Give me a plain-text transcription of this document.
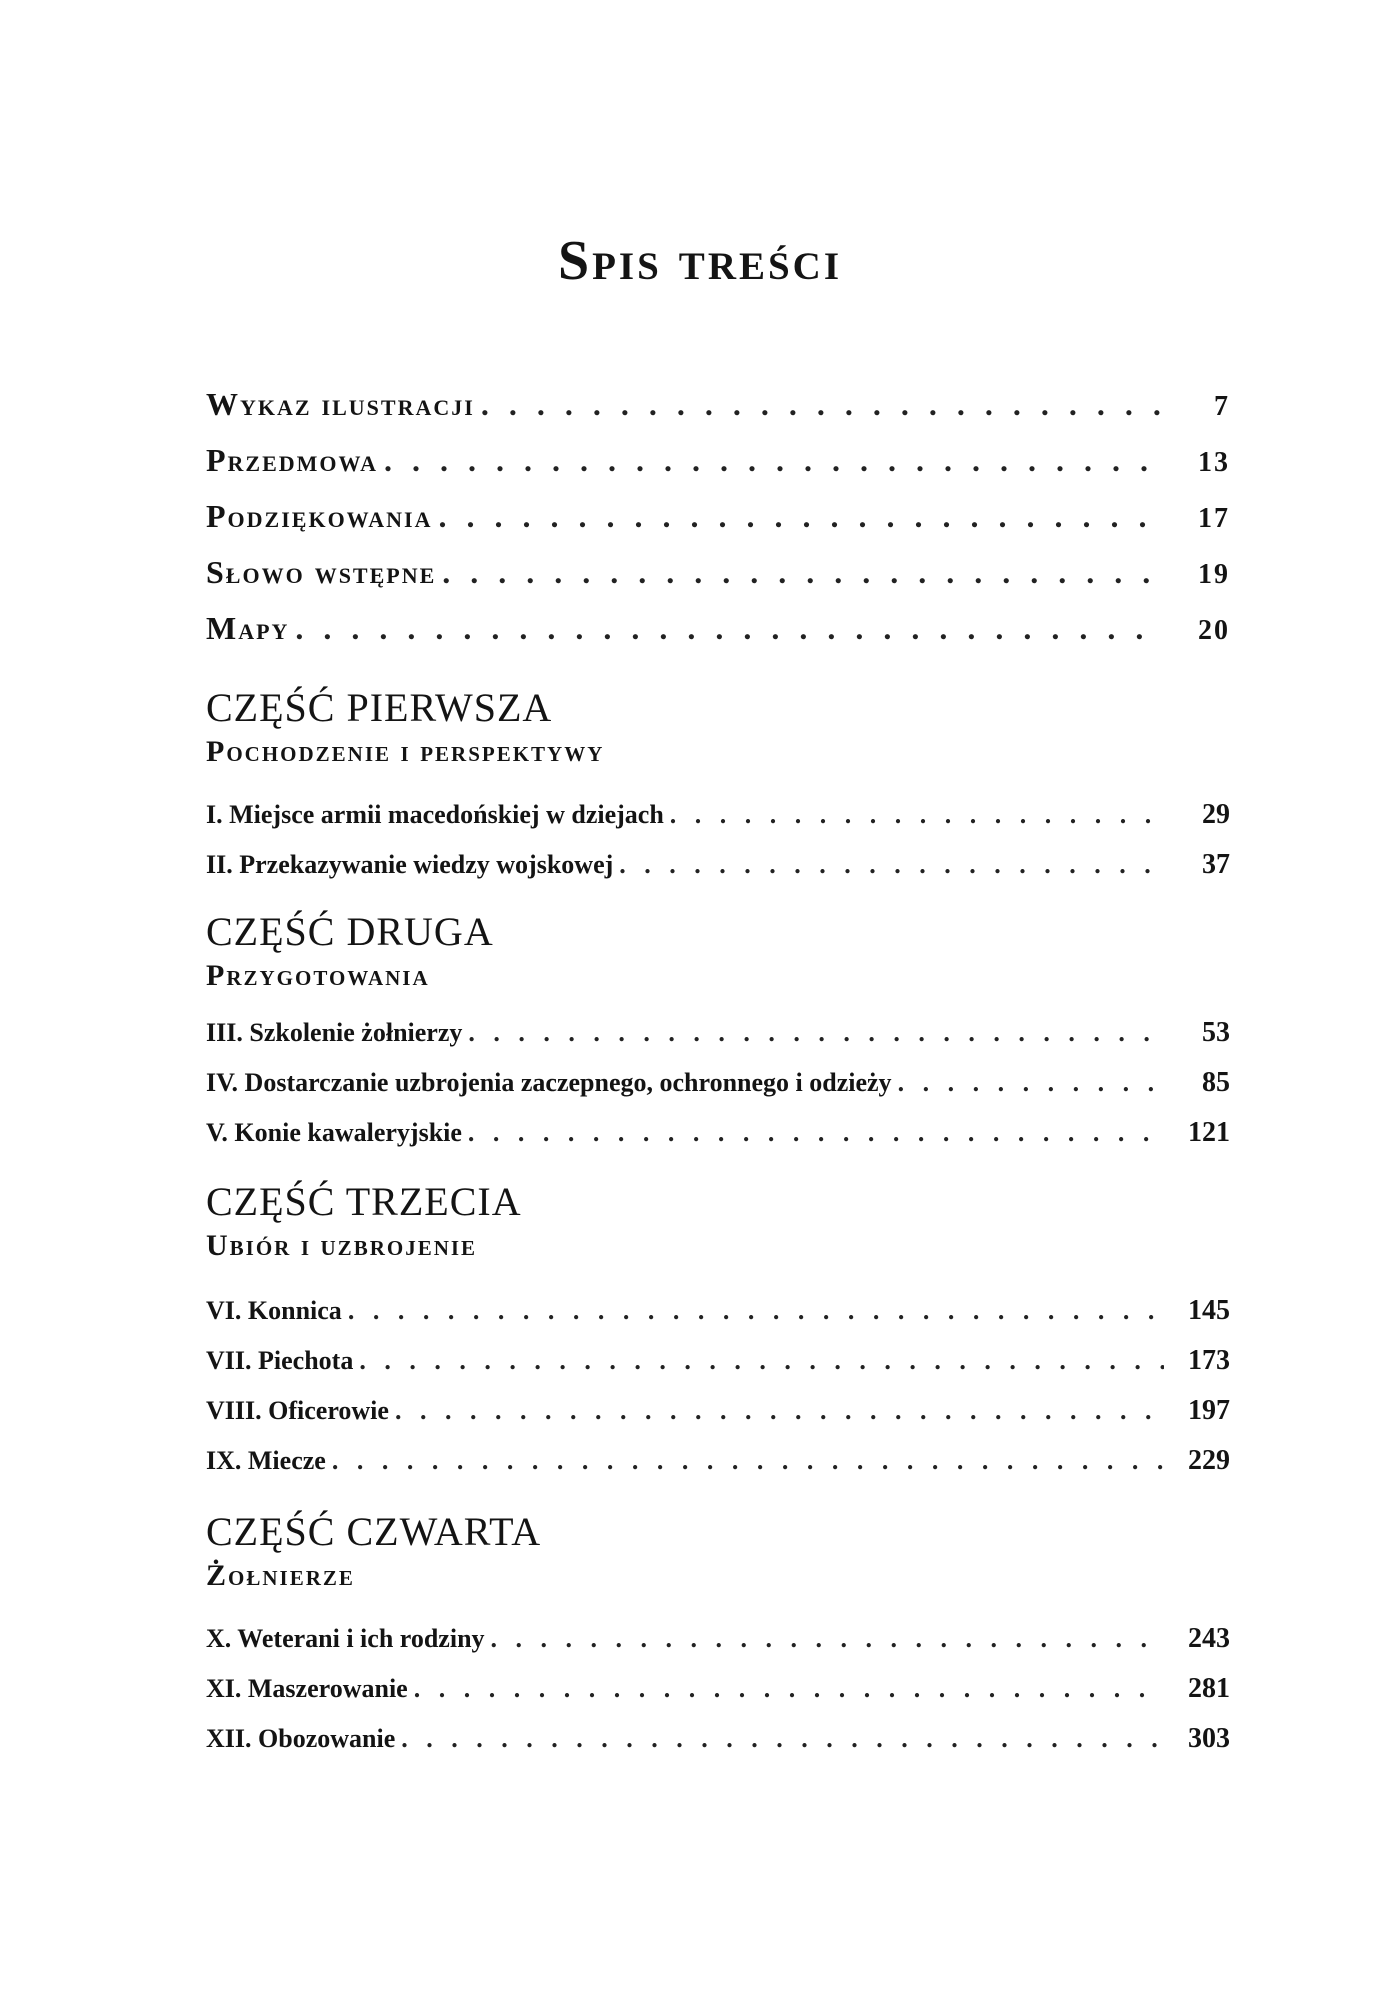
Spis treści
Wykaz ilustracji . . .	7
Przedmowa . . .	13
Podziękowania . . .	17
Słowo wstępne . . .	19
Mapy . . .	20
CZĘŚĆ PIERWSZA
Pochodzenie i perspektywy
I. Miejsce armii macedońskiej w dziejach . . .	29
II. Przekazywanie wiedzy wojskowej . . .	37
CZĘŚĆ DRUGA
Przygotowania
III. Szkolenie żołnierzy . . .	53
IV. Dostarczanie uzbrojenia zaczepnego, ochronnego i odzieży . . .	85
V. Konie kawaleryjskie . . .	121
CZĘŚĆ TRZECIA
Ubiór i uzbrojenie
VI. Konnica . . .	145
VII. Piechota . . .	173
VIII. Oficerowie . . .	197
IX. Miecze . . .	229
CZĘŚĆ CZWARTA
Żołnierze
X. Weterani i ich rodziny . . .	243
XI. Maszerowanie . . .	281
XII. Obozowanie . . .	303
